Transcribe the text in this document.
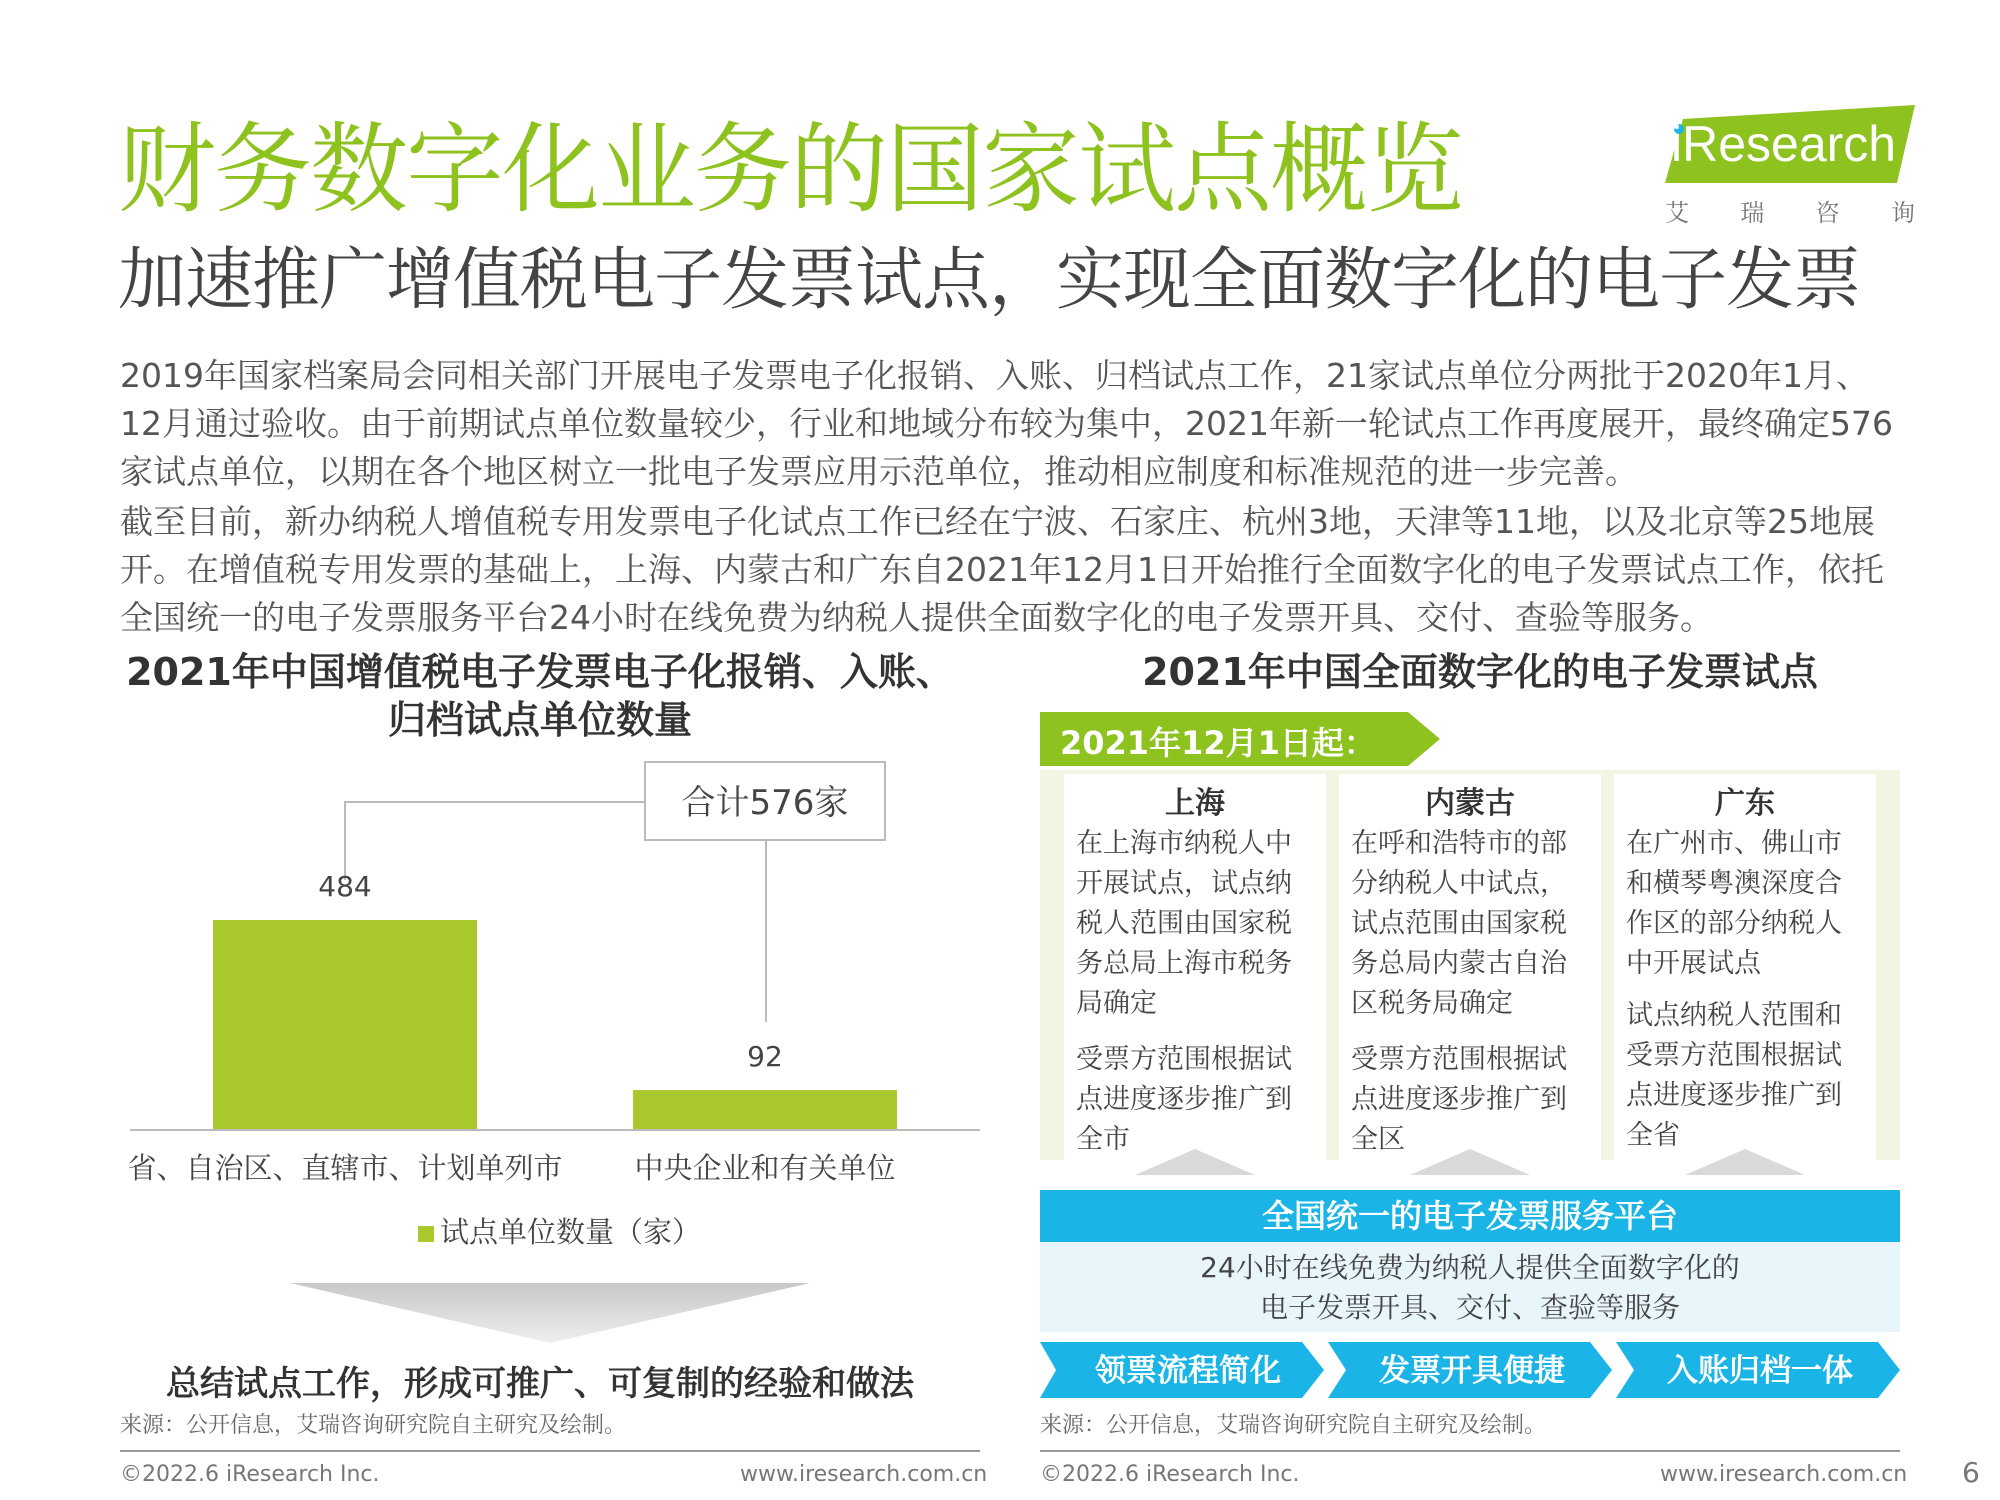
财务数字化业务的国家试点概览
加速推广增值税电子发票试点，实现全面数字化的电子发票
iResearch
艾 瑞 咨 询
2019年国家档案局会同相关部门开展电子发票电子化报销、入账、归档试点工作，21家试点单位分两批于2020年1月、12月通过验收。由于前期试点单位数量较少，行业和地域分布较为集中，2021年新一轮试点工作再度展开，最终确定576家试点单位，以期在各个地区树立一批电子发票应用示范单位，推动相应制度和标准规范的进一步完善。
截至目前，新办纳税人增值税专用发票电子化试点工作已经在宁波、石家庄、杭州3地，天津等11地，以及北京等25地展开。在增值税专用发票的基础上，上海、内蒙古和广东自2021年12月1日开始推行全面数字化的电子发票试点工作，依托全国统一的电子发票服务平台24小时在线免费为纳税人提供全面数字化的电子发票开具、交付、查验等服务。
2021年中国增值税电子发票电子化报销、入账、归档试点单位数量
合计576家
484
92
省、自治区、直辖市、计划单列市 中央企业和有关单位
试点单位数量（家）
总结试点工作，形成可推广、可复制的经验和做法
来源：公开信息，艾瑞咨询研究院自主研究及绘制。
2021年中国全面数字化的电子发票试点
2021年12月1日起：
上海
在上海市纳税人中开展试点，试点纳税人范围由国家税务总局上海市税务局确定
受票方范围根据试点进度逐步推广到全市
内蒙古
在呼和浩特市的部分纳税人中试点，试点范围由国家税务总局内蒙古自治区税务局确定
受票方范围根据试点进度逐步推广到全区
广东
在广州市、佛山市和横琴粤澳深度合作区的部分纳税人中开展试点
试点纳税人范围和受票方范围根据试点进度逐步推广到全省
全国统一的电子发票服务平台
24小时在线免费为纳税人提供全面数字化的
电子发票开具、交付、查验等服务
领票流程简化	发票开具便捷	入账归档一体
来源：公开信息，艾瑞咨询研究院自主研究及绘制。
©2022.6 iResearch Inc.	www.iresearch.com.cn ©2022.6 iResearch Inc.	www.iresearch.com.cn 6
